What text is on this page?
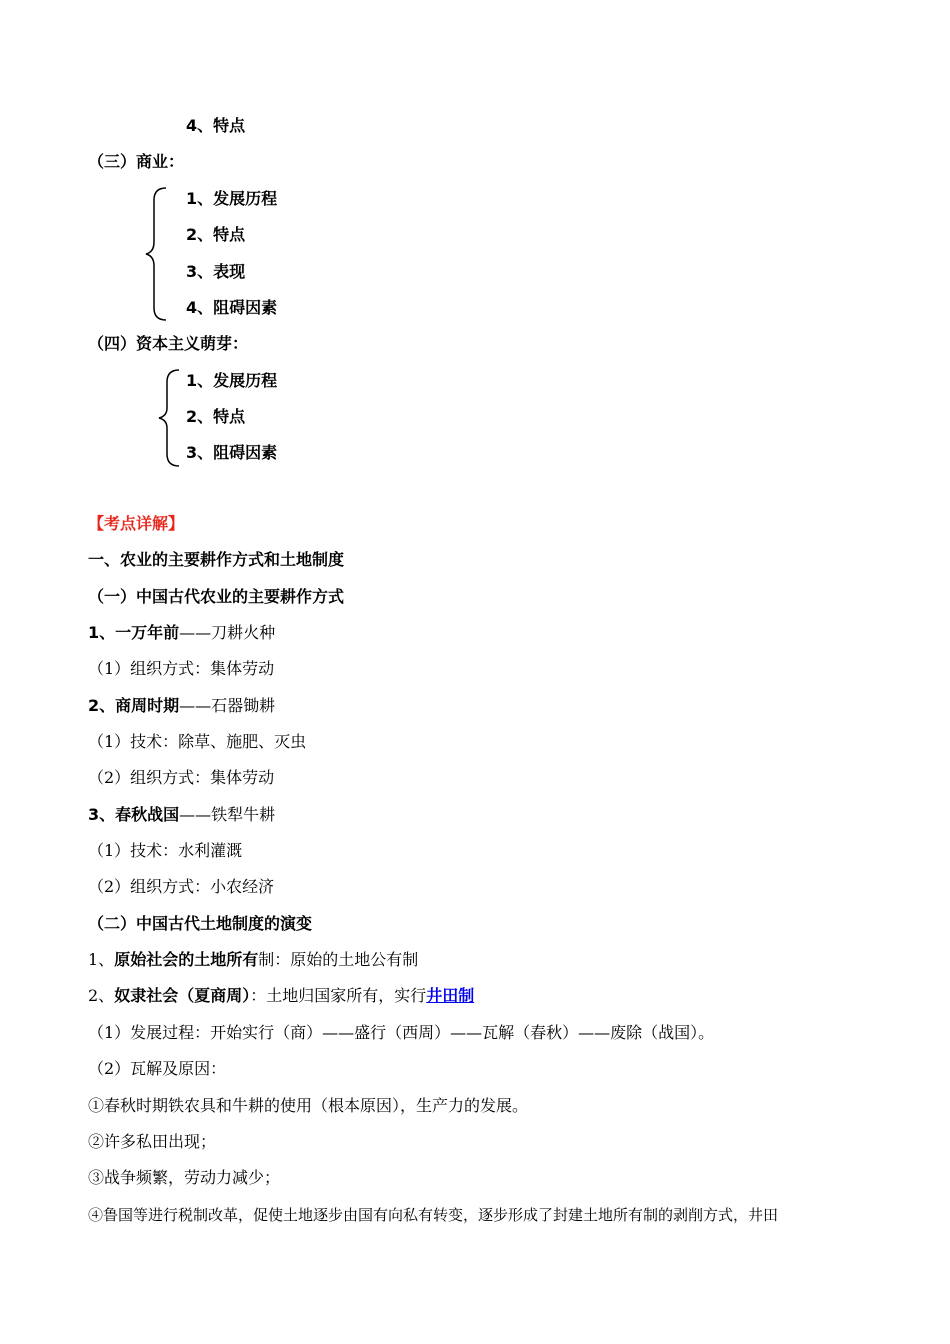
4、特点
（三）商业：
1、发展历程
2、特点
3、表现
4、阻碍因素
（四）资本主义萌芽：
1、发展历程
2、特点
3、阻碍因素
【考点详解】
一、农业的主要耕作方式和土地制度
（一）中国古代农业的主要耕作方式
1、一万年前——刀耕火种
（1）组织方式：集体劳动
2、商周时期——石器锄耕
（1）技术：除草、施肥、灭虫
（2）组织方式：集体劳动
3、春秋战国——铁犁牛耕
（1）技术：水利灌溉
（2）组织方式：小农经济
（二）中国古代土地制度的演变
1、原始社会的土地所有制：原始的土地公有制
2、奴隶社会（夏商周）：土地归国家所有，实行井田制
（1）发展过程：开始实行（商）——盛行（西周）——瓦解（春秋）——废除（战国）。
（2）瓦解及原因：
①春秋时期铁农具和牛耕的使用（根本原因），生产力的发展。
②许多私田出现；
③战争频繁，劳动力减少；
④鲁国等进行税制改革，促使土地逐步由国有向私有转变，逐步形成了封建土地所有制的剥削方式，井田
